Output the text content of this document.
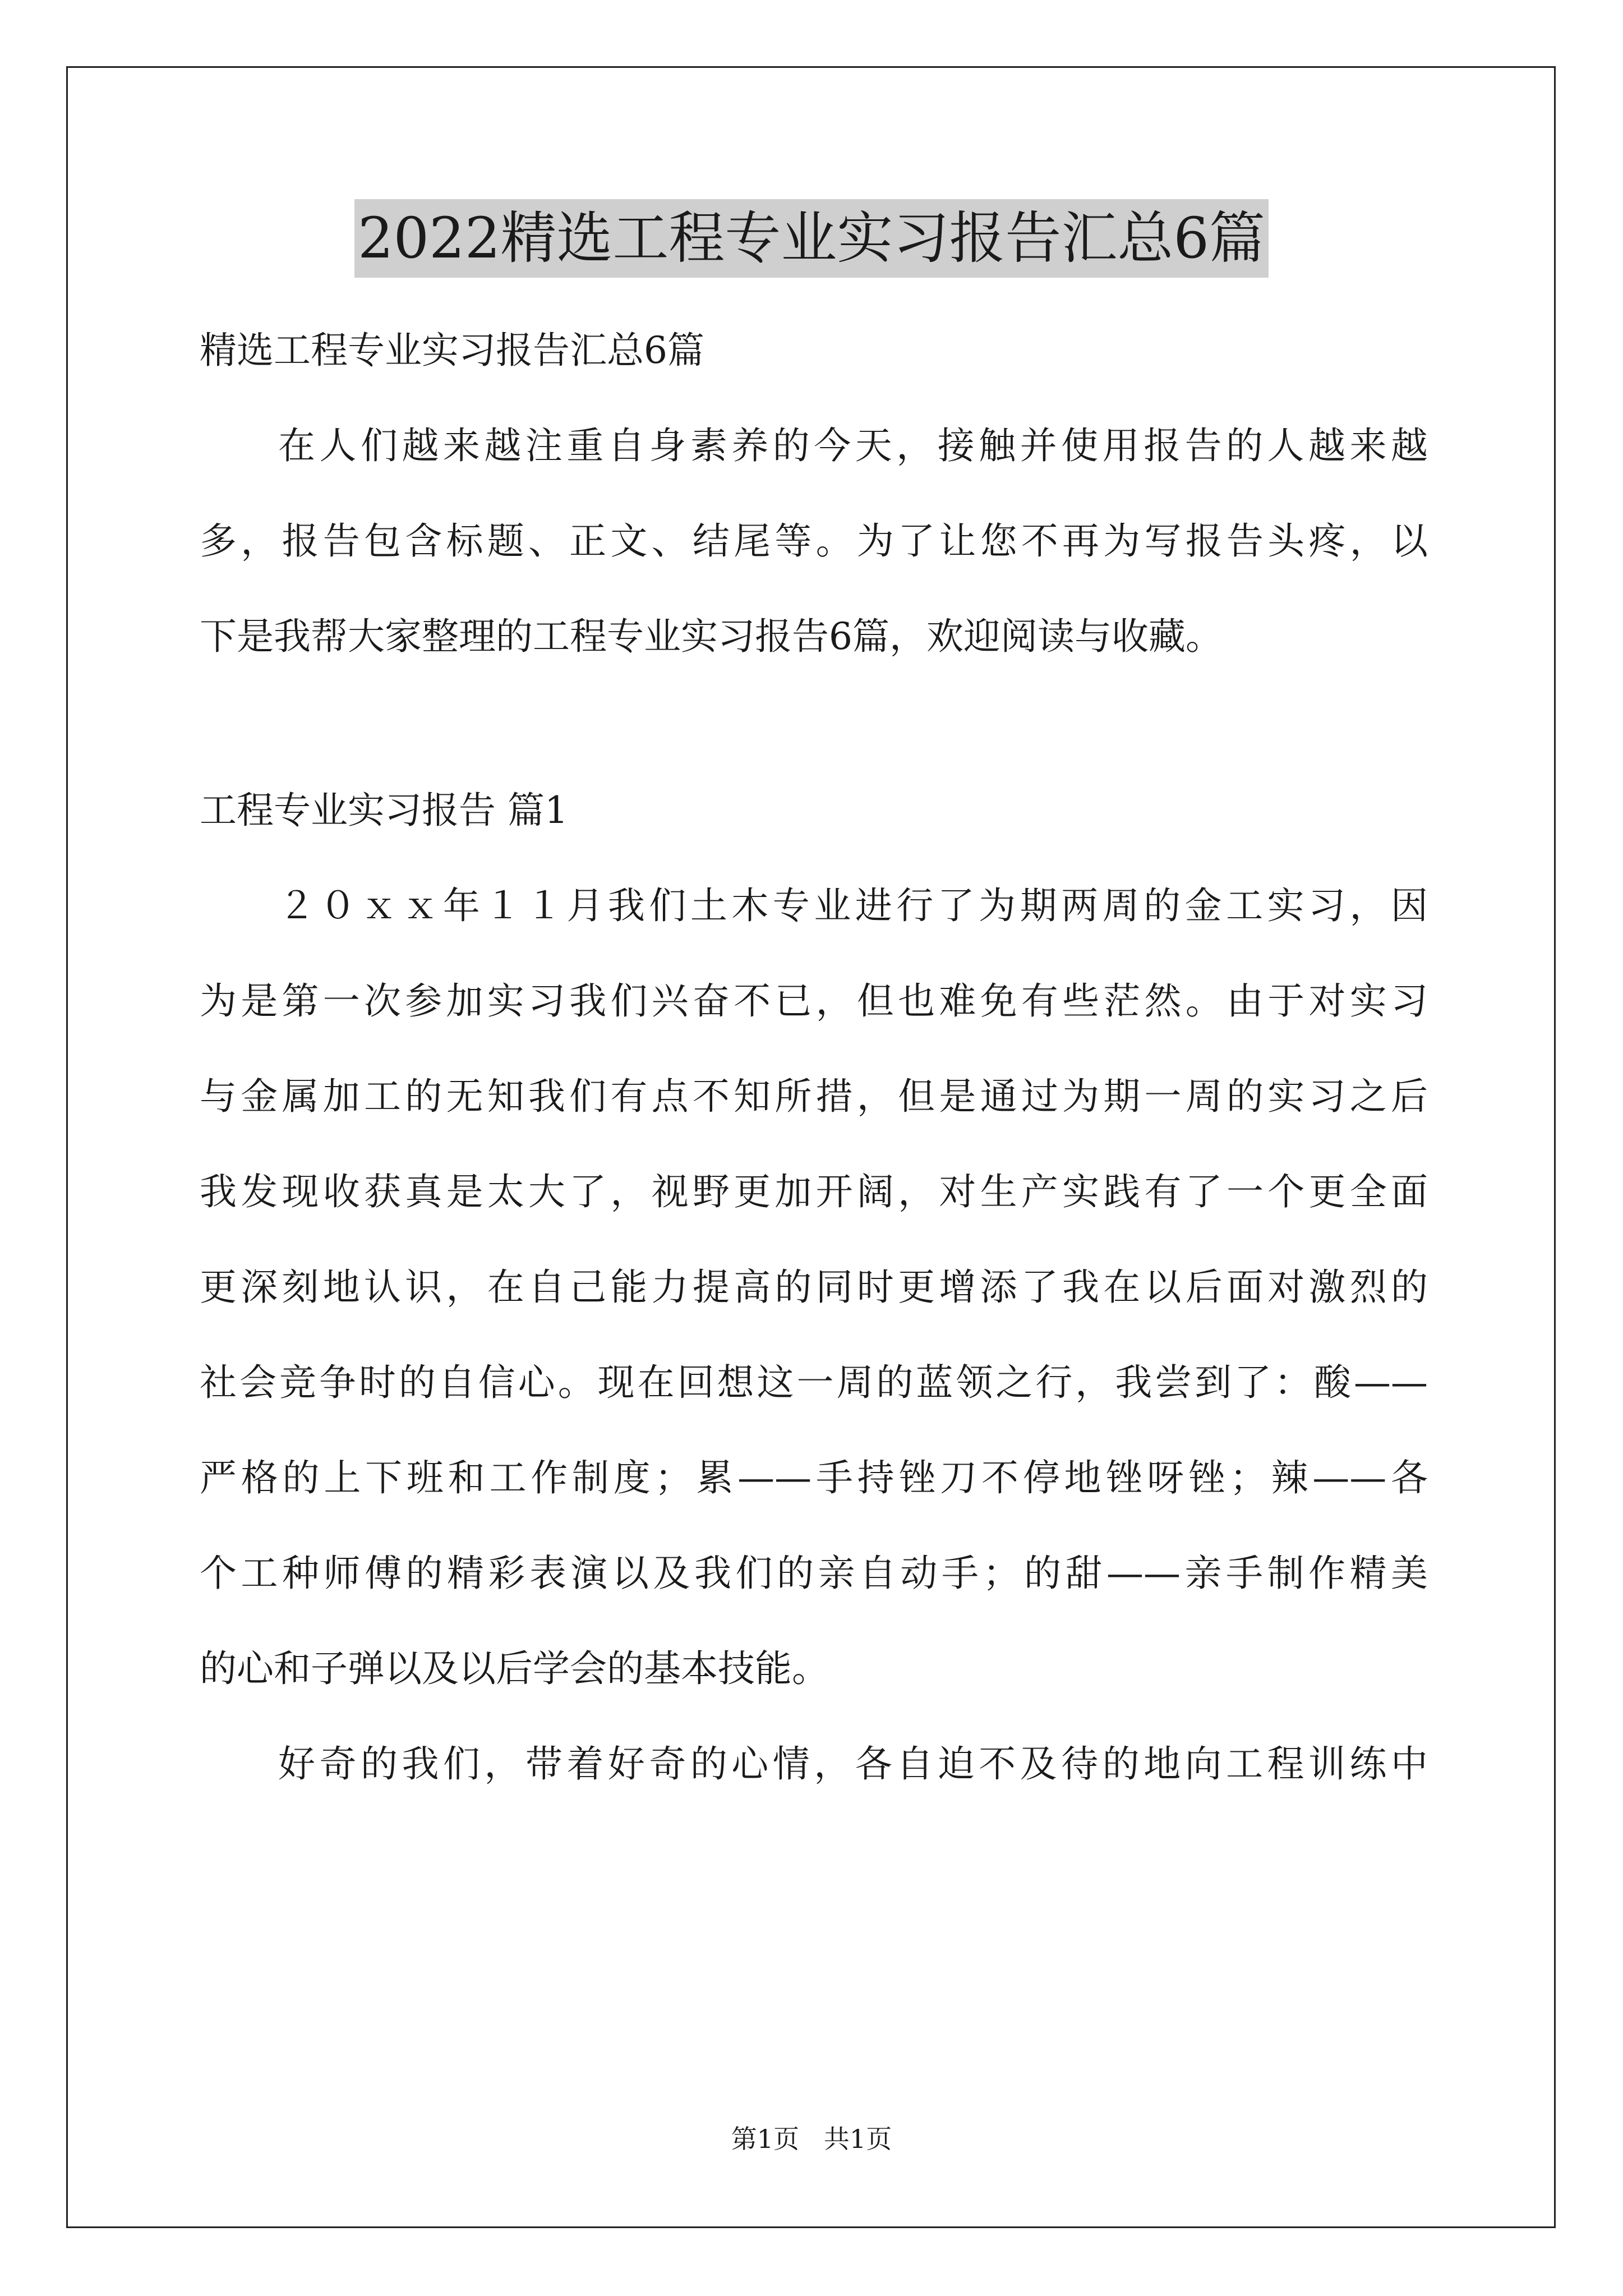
2022精选工程专业实习报告汇总6篇
精选工程专业实习报告汇总6篇
在人们越来越注重自身素养的今天，接触并使用报告的人越来越
多，报告包含标题、正文、结尾等。为了让您不再为写报告头疼，以
下是我帮大家整理的工程专业实习报告6篇，欢迎阅读与收藏。
工程专业实习报告 篇1
２０ｘｘ年１１月我们土木专业进行了为期两周的金工实习，因
为是第一次参加实习我们兴奋不已，但也难免有些茫然。由于对实习
与金属加工的无知我们有点不知所措，但是通过为期一周的实习之后
我发现收获真是太大了，视野更加开阔，对生产实践有了一个更全面
更深刻地认识，在自己能力提高的同时更增添了我在以后面对激烈的
社会竞争时的自信心。现在回想这一周的蓝领之行，我尝到了：酸——
严格的上下班和工作制度；累——手持锉刀不停地锉呀锉；辣——各
个工种师傅的精彩表演以及我们的亲自动手；的甜——亲手制作精美
的心和子弹以及以后学会的基本技能。
好奇的我们，带着好奇的心情，各自迫不及待的地向工程训练中
第1页   共1页
